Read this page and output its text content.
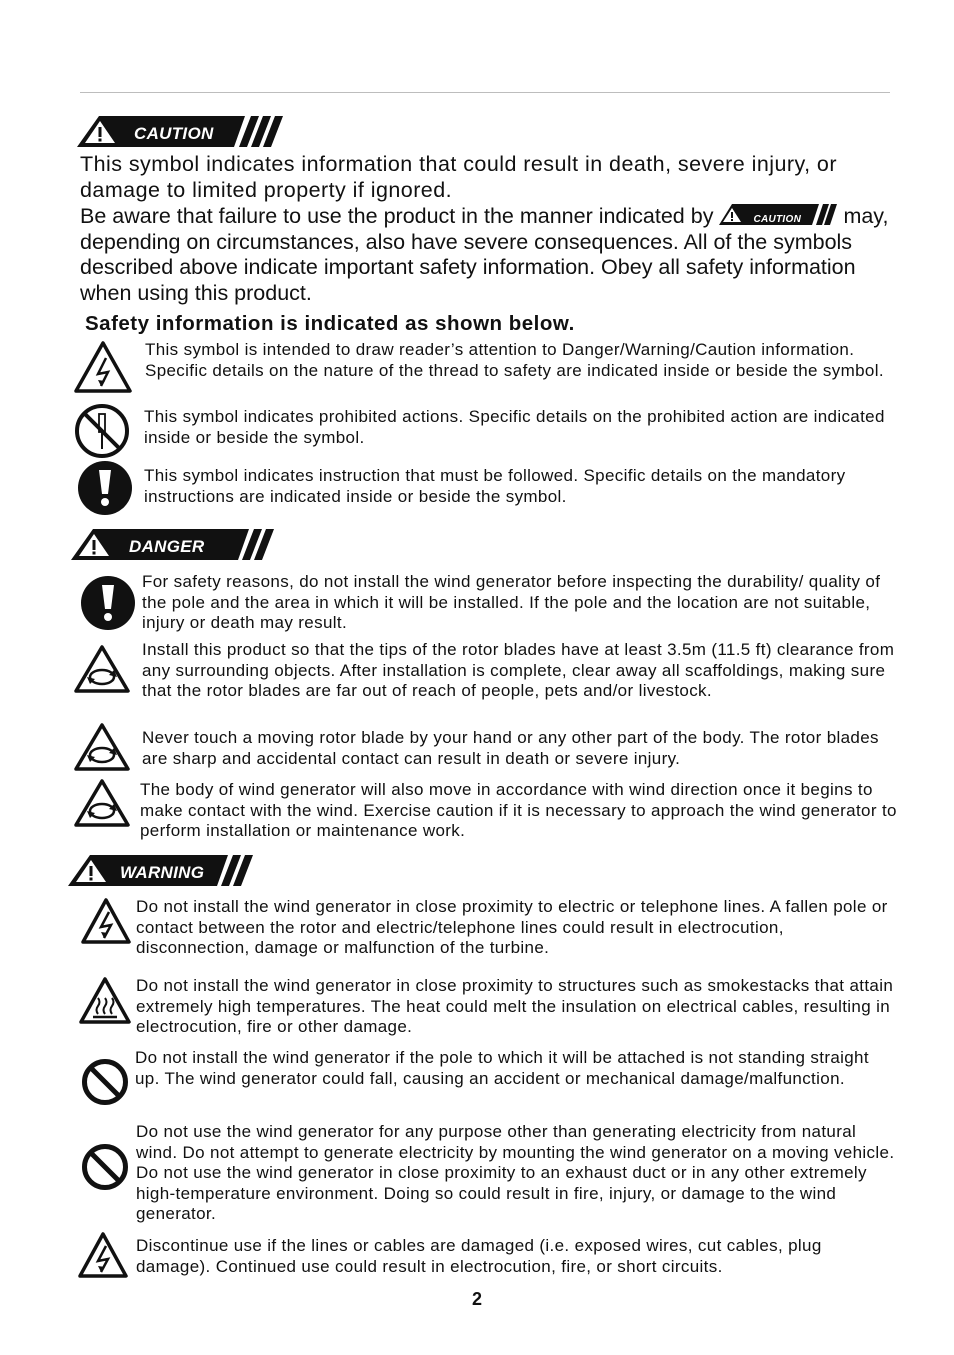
CAUTION

This symbol indicates information that could result in death, severe injury, or damage to limited property if ignored.

Be aware that failure to use the product in the manner indicated by	CAUTION may, depending on circumstances, also have severe consequences. All of the symbols described above indicate important safety information. Obey all safety information when using this product.

Safety information is indicated as shown below.

This symbol is intended to draw reader’s attention to Danger/Warning/Caution information. Specific details on the nature of the thread to safety are indicated inside or beside the symbol.

This symbol indicates prohibited actions. Specific details on the prohibited action are indicated inside or beside the symbol.

This symbol indicates instruction that must be followed. Specific details on the mandatory instructions are indicated inside or beside the symbol.

DANGER

For safety reasons, do not install the wind generator before inspecting the durability/ quality of the pole and the area in which it will be installed. If the pole and the location are not suitable, injury or death may result.

Install this product so that the tips of the rotor blades have at least 3.5m (11.5 ft) clearance from any surrounding objects. After installation is complete, clear away all scaffoldings, making sure that the rotor blades are far out of reach of people, pets and/or livestock.

Never touch a moving rotor blade by your hand or any other part of the body. The rotor blades are sharp and accidental contact can result in death or severe injury.

The body of wind generator will also move in accordance with wind direction once it begins to make contact with the wind. Exercise caution if it is necessary to approach the wind generator to perform installation or maintenance work.

WARNING

Do not install the wind generator in close proximity to electric or telephone lines. A fallen pole or contact between the rotor and electric/telephone lines could result in electrocution, disconnection, damage or malfunction of the turbine.

Do not install the wind generator in close proximity to structures such as smokestacks that attain extremely high temperatures. The heat could melt the insulation on electrical cables, resulting in electrocution, fire or other damage.

Do not install the wind generator if the pole to which it will be attached is not standing straight up. The wind generator could fall, causing an accident or mechanical damage/malfunction.

Do not use the wind generator for any purpose other than generating electricity from natural wind. Do not attempt to generate electricity by mounting the wind generator on a moving vehicle. Do not use the wind generator in close proximity to an exhaust duct or in any other extremely high-temperature environment. Doing so could result in fire, injury, or damage to the wind generator.

Discontinue use if the lines or cables are damaged (i.e. exposed wires, cut cables, plug damage). Continued use could result in electrocution, fire, or short circuits.

2
